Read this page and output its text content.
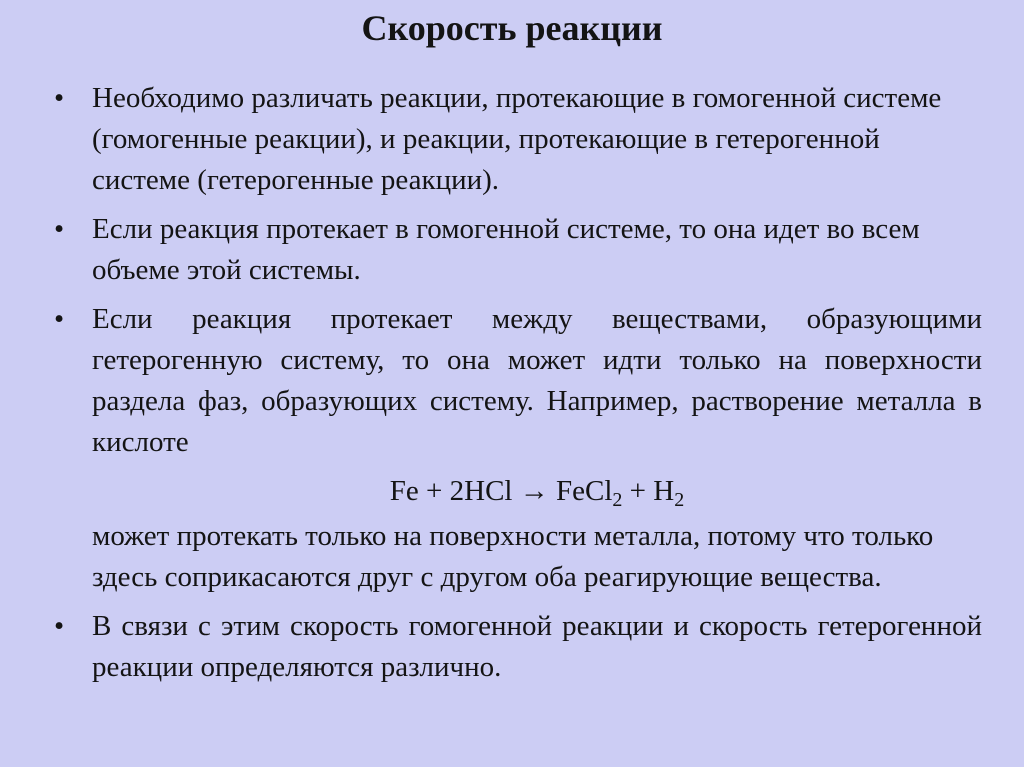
Скорость реакции
• Необходимо различать реакции, протекающие в гомогенной системе (гомогенные реакции), и реакции, протекающие в гетерогенной системе (гетерогенные реакции).
• Если реакция протекает в гомогенной системе, то она идет во всем объеме этой системы.
• Если реакция протекает между веществами, образующими гетерогенную систему, то она может идти только на поверхности раздела фаз, образующих систему. Например, растворение металла в кислоте
Fe + 2HCl → FeCl$_2$ + $H_2$
может протекать только на поверхности металла, потому что только здесь соприкасаются друг с другом оба реагирующие вещества.
• В связи с этим скорость гомогенной реакции и скорость гетерогенной реакции определяются различно.
